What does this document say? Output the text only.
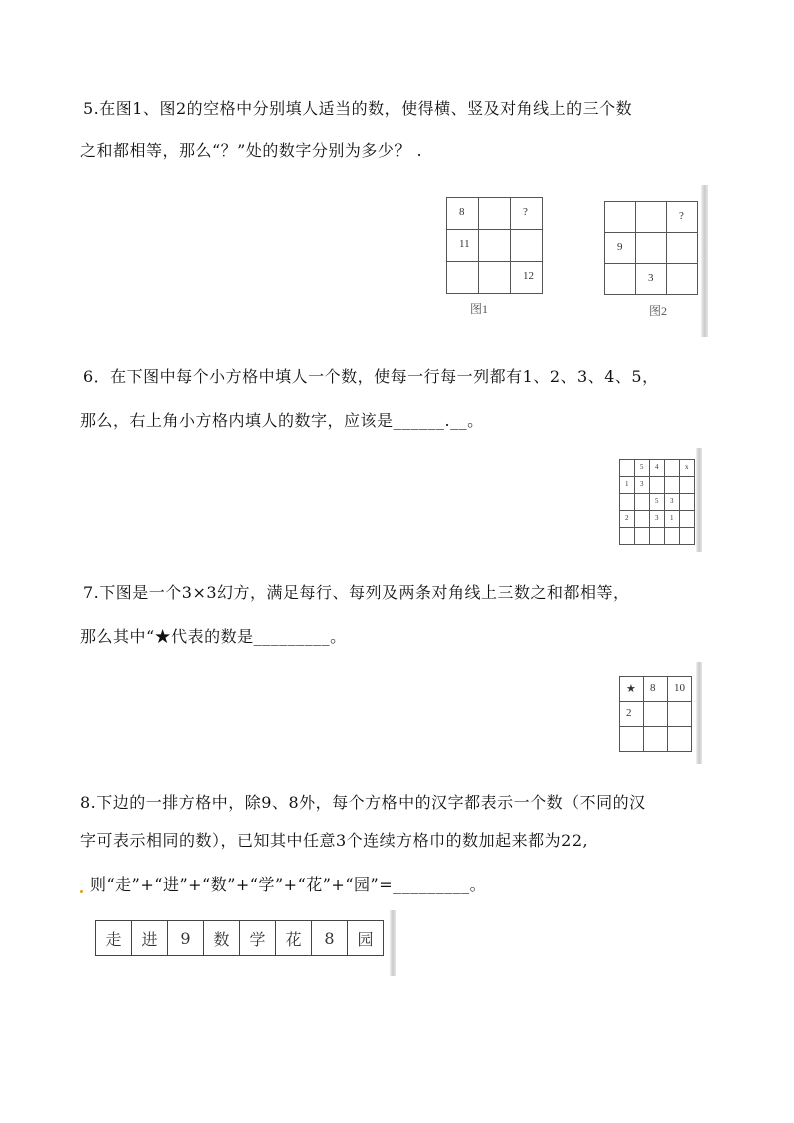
5.在图1、图2的空格中分别填人适当的数，使得横、竖及对角线上的三个数
之和都相等，那么“？”处的数字分别为多少？ .
8		?
11		
		12
图1
		?
9		
	3	
图2
6．在下图中每个小方格中填人一个数，使每一行每一列都有1、2、3、4、5，
那么，右上角小方格内填人的数字，应该是______.__。
	5	4		x
1	3			
		5	3	
2		3	1	

7.下图是一个3×3幻方，满足每行、每列及两条对角线上三数之和都相等，
那么其中“★代表的数是_________。
★	8	10
2		

8.下边的一排方格中，除9、8外，每个方格中的汉字都表示一个数（不同的汉
字可表示相同的数），已知其中任意3个连续方格巾的数加起来都为22,
则“走”+“进”+“数”+“学”+“花”+“园”=_________。
走	进	9	数	学	花	8	园
